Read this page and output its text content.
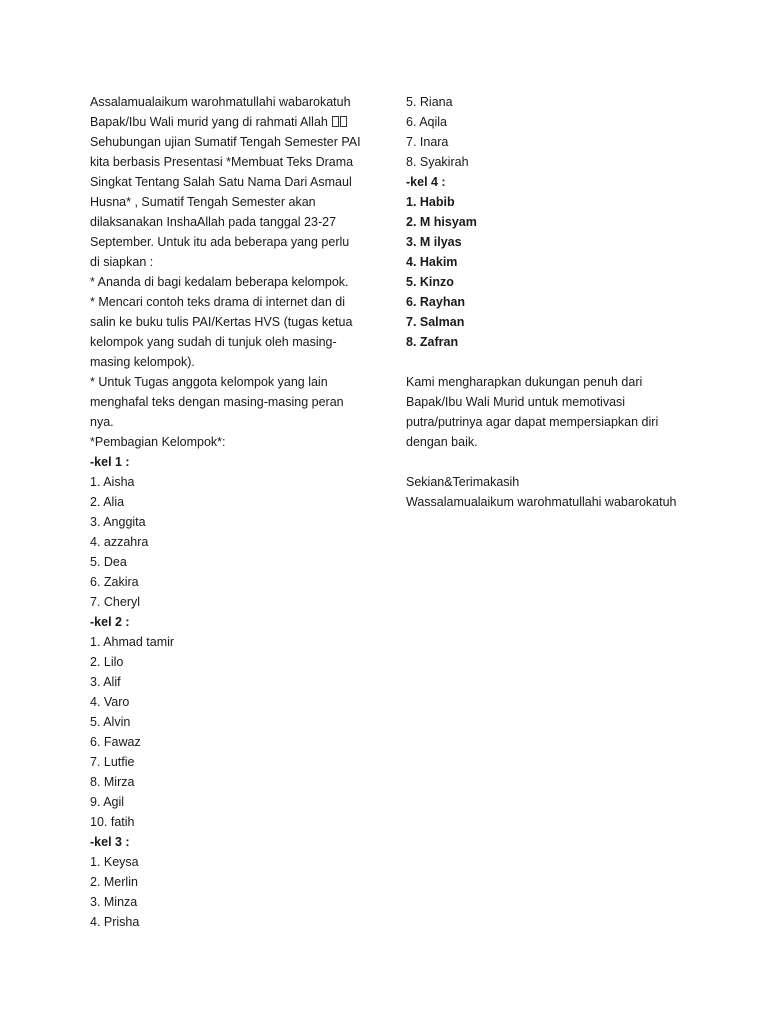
Assalamualaikum warohmatullahi wabarokatuh
Bapak/Ibu Wali murid yang di rahmati Allah
Sehubungan ujian Sumatif Tengah Semester PAI kita berbasis Presentasi *Membuat Teks Drama Singkat Tentang Salah Satu Nama Dari Asmaul Husna* , Sumatif Tengah Semester akan dilaksanakan InshaAllah pada tanggal 23-27 September. Untuk itu ada beberapa yang perlu di siapkan :
* Ananda di bagi kedalam beberapa kelompok.
* Mencari contoh teks drama di internet dan di salin ke buku tulis PAI/Kertas HVS (tugas ketua kelompok yang sudah di tunjuk oleh masing-masing kelompok).
* Untuk Tugas anggota kelompok yang lain menghafal teks dengan masing-masing peran nya.
*Pembagian Kelompok*:
-kel 1 :
1. Aisha
2. Alia
3. Anggita
4. azzahra
5. Dea
6. Zakira
7. Cheryl
-kel 2 :
1. Ahmad tamir
2. Lilo
3. Alif
4. Varo
5. Alvin
6. Fawaz
7. Lutfie
8. Mirza
9. Agil
10. fatih
-kel 3 :
1. Keysa
2. Merlin
3. Minza
4. Prisha
5. Riana
6. Aqila
7. Inara
8. Syakirah
-kel 4 :
1. Habib
2. M hisyam
3. M ilyas
4. Hakim
5. Kinzo
6. Rayhan
7. Salman
8. Zafran
Kami mengharapkan dukungan penuh dari Bapak/Ibu Wali Murid untuk memotivasi putra/putrinya agar dapat mempersiapkan diri dengan baik.
Sekian&Terimakasih
Wassalamualaikum warohmatullahi wabarokatuh
